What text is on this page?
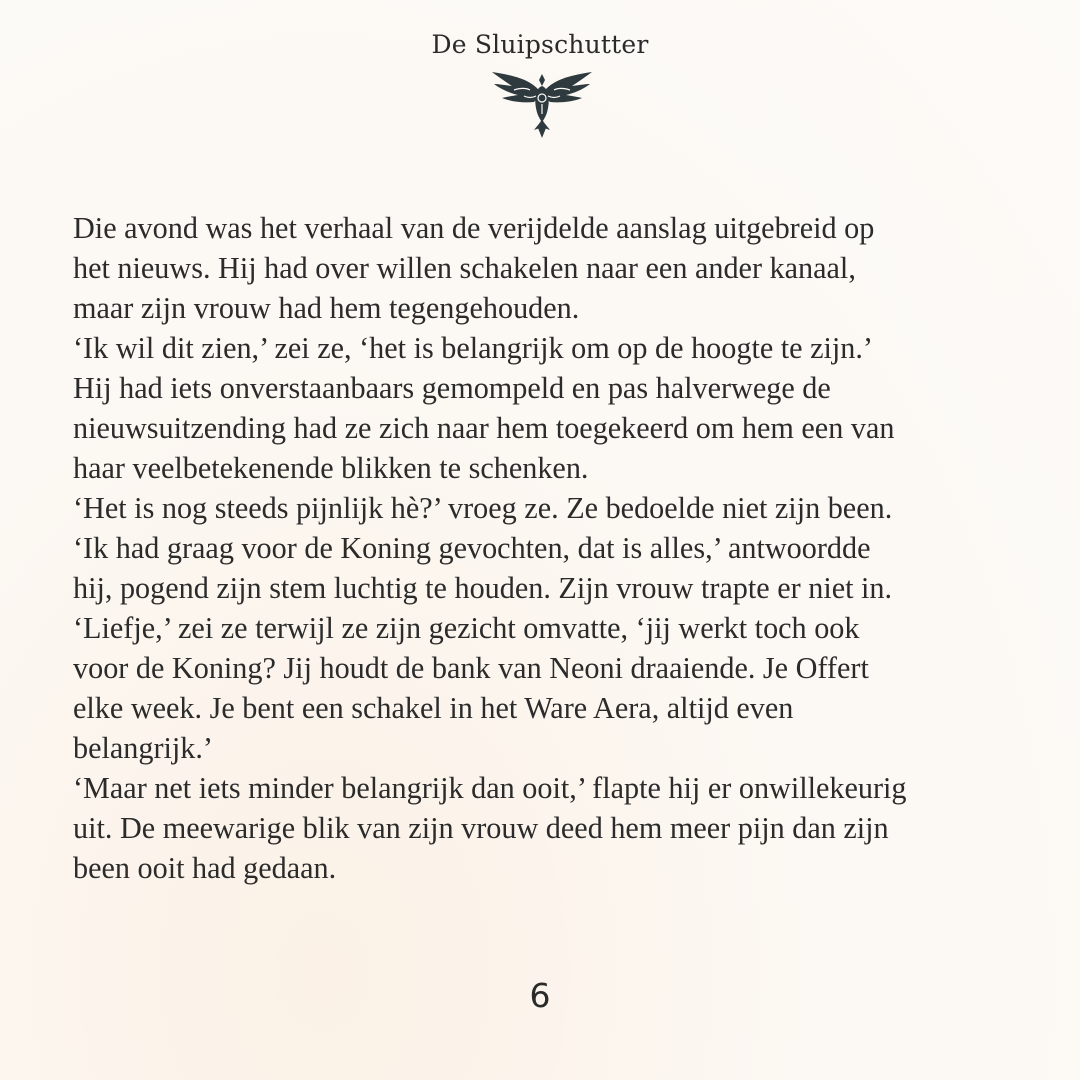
De Sluipschutter

Die avond was het verhaal van de verijdelde aanslag uitgebreid op

het nieuws. Hij had over willen schakelen naar een ander kanaal,

maar zijn vrouw had hem tegengehouden.

‘Ik wil dit zien,’ zei ze, ‘het is belangrijk om op de hoogte te zijn.’

Hij had iets onverstaanbaars gemompeld en pas halverwege de

nieuwsuitzending had ze zich naar hem toegekeerd om hem een van

haar veelbetekenende blikken te schenken.

‘Het is nog steeds pijnlijk hè?’ vroeg ze. Ze bedoelde niet zijn been.

‘Ik had graag voor de Koning gevochten, dat is alles,’ antwoordde

hij, pogend zijn stem luchtig te houden. Zijn vrouw trapte er niet in.

‘Liefje,’ zei ze terwijl ze zijn gezicht omvatte, ‘jij werkt toch ook

voor de Koning? Jij houdt de bank van Neoni draaiende. Je Offert

elke week. Je bent een schakel in het Ware Aera, altijd even

belangrijk.’

‘Maar net iets minder belangrijk dan ooit,’ flapte hij er onwillekeurig

uit. De meewarige blik van zijn vrouw deed hem meer pijn dan zijn

been ooit had gedaan.

6
